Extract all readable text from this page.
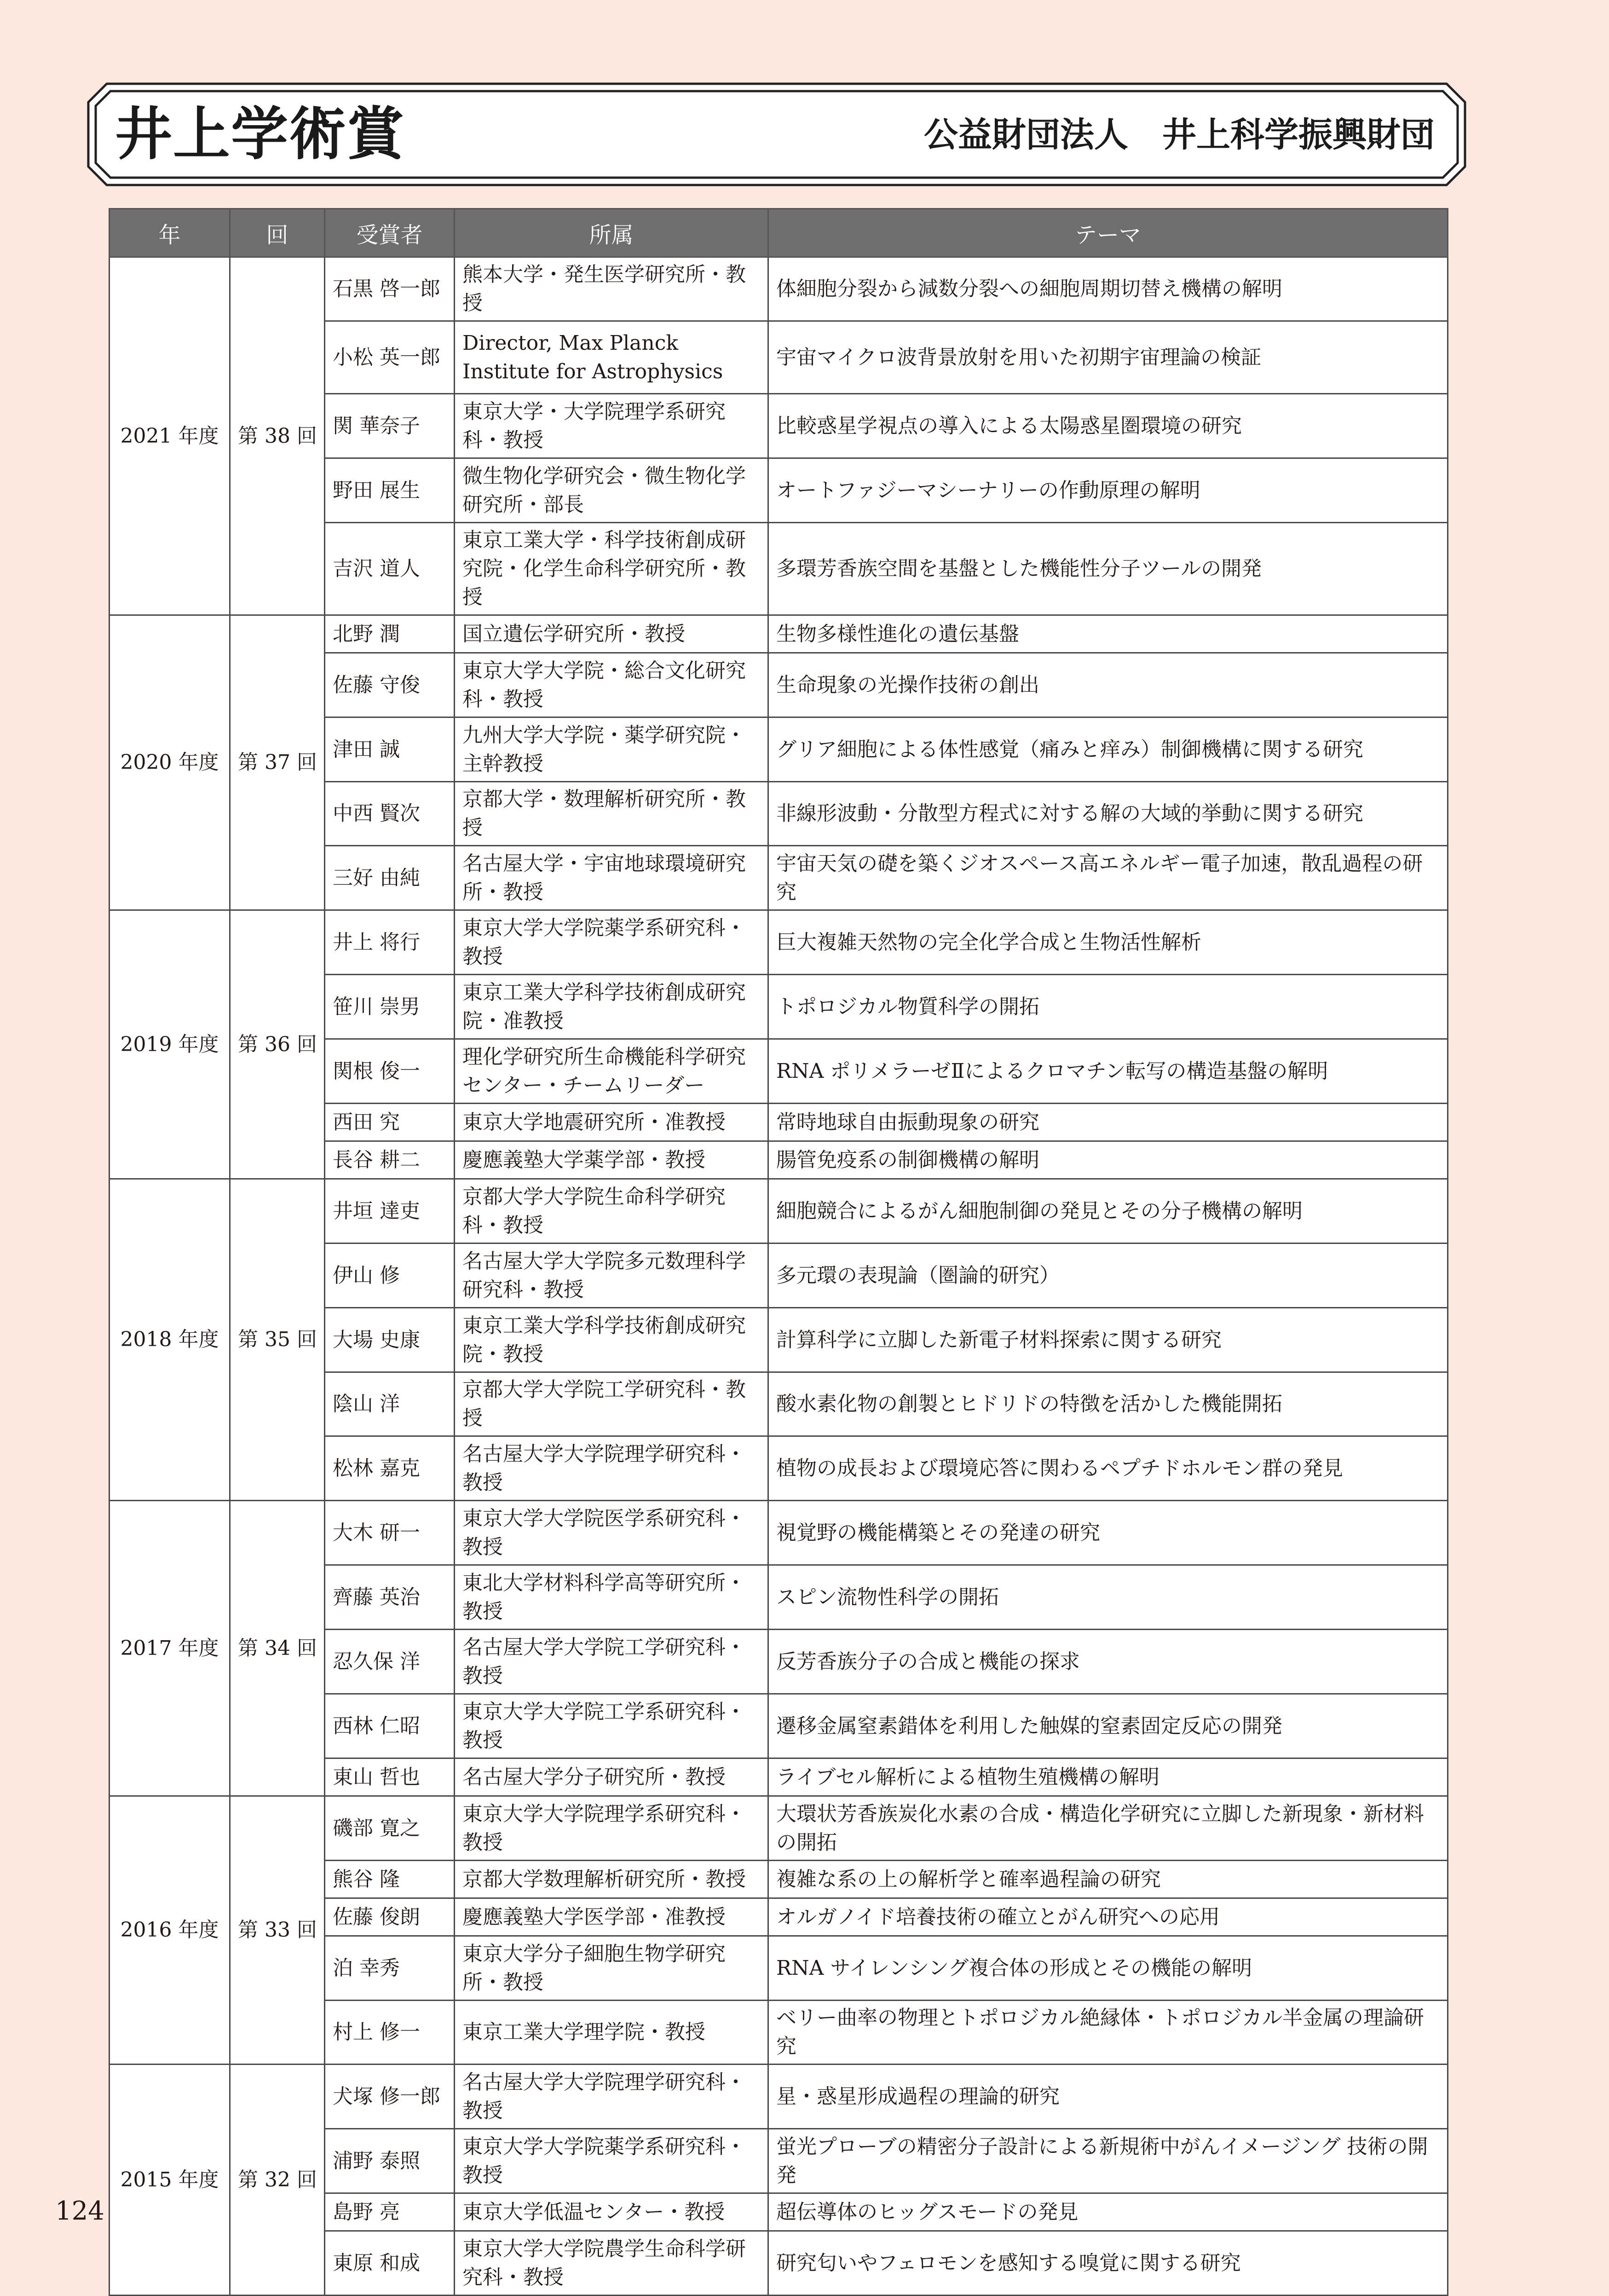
井上学術賞	公益財団法人　井上科学振興財団
年	回	受賞者	所属	テーマ
2021 年度	第 38 回	石黒 啓一郎	熊本大学・発生医学研究所・教授	体細胞分裂から減数分裂への細胞周期切替え機構の解明
		小松 英一郎	Director, Max Planck Institute for Astrophysics	宇宙マイクロ波背景放射を用いた初期宇宙理論の検証
		関 華奈子	東京大学・大学院理学系研究科・教授	比較惑星学視点の導入による太陽惑星圏環境の研究
		野田 展生	微生物化学研究会・微生物化学研究所・部長	オートファジーマシーナリーの作動原理の解明
		吉沢 道人	東京工業大学・科学技術創成研究院・化学生命科学研究所・教授	多環芳香族空間を基盤とした機能性分子ツールの開発
2020 年度	第 37 回	北野 潤	国立遺伝学研究所・教授	生物多様性進化の遺伝基盤
		佐藤 守俊	東京大学大学院・総合文化研究科・教授	生命現象の光操作技術の創出
		津田 誠	九州大学大学院・薬学研究院・主幹教授	グリア細胞による体性感覚（痛みと痒み）制御機構に関する研究
		中西 賢次	京都大学・数理解析研究所・教授	非線形波動・分散型方程式に対する解の大域的挙動に関する研究
		三好 由純	名古屋大学・宇宙地球環境研究所・教授	宇宙天気の礎を築くジオスペース高エネルギー電子加速，散乱過程の研究
2019 年度	第 36 回	井上 将行	東京大学大学院薬学系研究科・教授	巨大複雑天然物の完全化学合成と生物活性解析
		笹川 崇男	東京工業大学科学技術創成研究院・准教授	トポロジカル物質科学の開拓
		関根 俊一	理化学研究所生命機能科学研究センター・チームリーダー	RNA ポリメラーゼⅡによるクロマチン転写の構造基盤の解明
		西田 究	東京大学地震研究所・准教授	常時地球自由振動現象の研究
		長谷 耕二	慶應義塾大学薬学部・教授	腸管免疫系の制御機構の解明
2018 年度	第 35 回	井垣 達吏	京都大学大学院生命科学研究科・教授	細胞競合によるがん細胞制御の発見とその分子機構の解明
		伊山 修	名古屋大学大学院多元数理科学研究科・教授	多元環の表現論（圏論的研究）
		大場 史康	東京工業大学科学技術創成研究院・教授	計算科学に立脚した新電子材料探索に関する研究
		陰山 洋	京都大学大学院工学研究科・教授	酸水素化物の創製とヒドリドの特徴を活かした機能開拓
		松林 嘉克	名古屋大学大学院理学研究科・教授	植物の成長および環境応答に関わるペプチドホルモン群の発見
2017 年度	第 34 回	大木 研一	東京大学大学院医学系研究科・教授	視覚野の機能構築とその発達の研究
		齊藤 英治	東北大学材料科学高等研究所・教授	スピン流物性科学の開拓
		忍久保 洋	名古屋大学大学院工学研究科・教授	反芳香族分子の合成と機能の探求
		西林 仁昭	東京大学大学院工学系研究科・教授	遷移金属窒素錯体を利用した触媒的窒素固定反応の開発
		東山 哲也	名古屋大学分子研究所・教授	ライブセル解析による植物生殖機構の解明
2016 年度	第 33 回	磯部 寛之	東京大学大学院理学系研究科・教授	大環状芳香族炭化水素の合成・構造化学研究に立脚した新現象・新材料の開拓
		熊谷 隆	京都大学数理解析研究所・教授	複雑な系の上の解析学と確率過程論の研究
		佐藤 俊朗	慶應義塾大学医学部・准教授	オルガノイド培養技術の確立とがん研究への応用
		泊 幸秀	東京大学分子細胞生物学研究所・教授	RNA サイレンシング複合体の形成とその機能の解明
		村上 修一	東京工業大学理学院・教授	ベリー曲率の物理とトポロジカル絶縁体・トポロジカル半金属の理論研究
2015 年度	第 32 回	犬塚 修一郎	名古屋大学大学院理学研究科・教授	星・惑星形成過程の理論的研究
		浦野 泰照	東京大学大学院薬学系研究科・教授	蛍光プローブの精密分子設計による新規術中がんイメージング 技術の開発
		島野 亮	東京大学低温センター・教授	超伝導体のヒッグスモードの発見
		東原 和成	東京大学大学院農学生命科学研究科・教授	研究匂いやフェロモンを感知する嗅覚に関する研究
124
